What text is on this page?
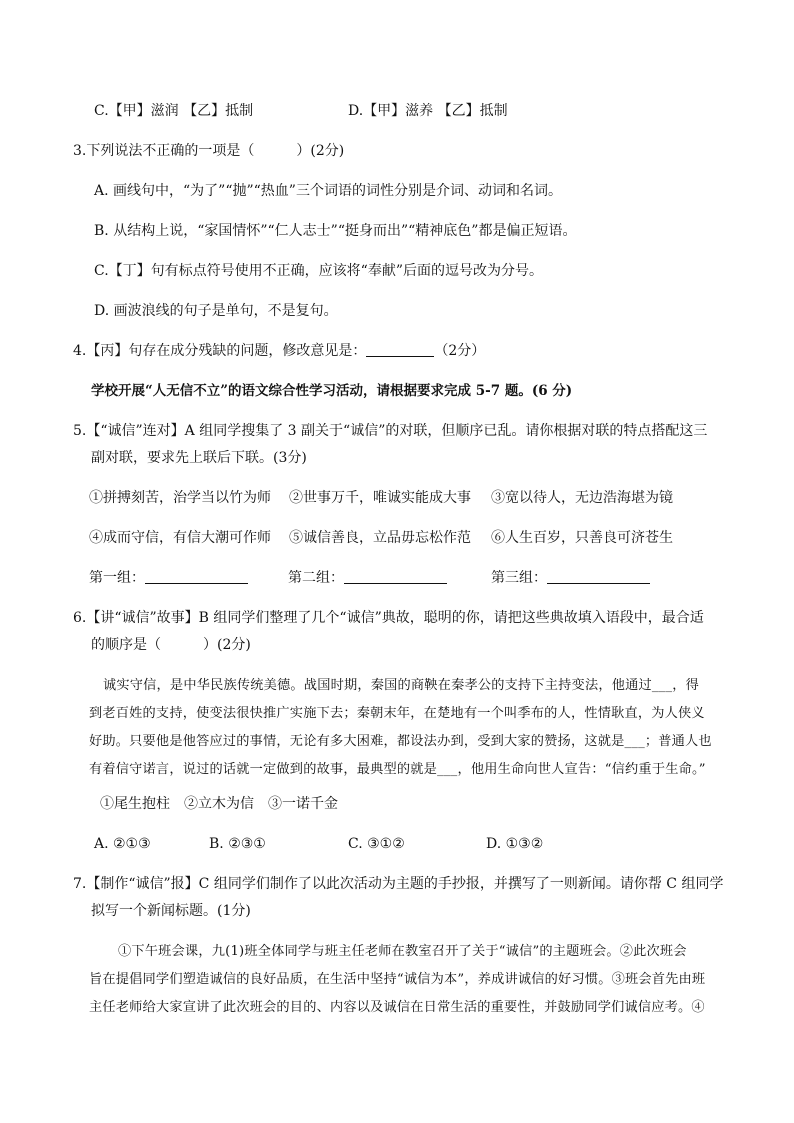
C.【甲】滋润 【乙】抵制	D.【甲】滋养 【乙】抵制
3.下列说法不正确的一项是（　　　）(2分)
A. 画线句中，“为了”“抛”“热血”三个词语的词性分别是介词、动词和名词。
B. 从结构上说，“家国情怀”“仁人志士”“挺身而出”“精神底色”都是偏正短语。
C.【丁】句有标点符号使用不正确，应该将“奉献”后面的逗号改为分号。
D. 画波浪线的句子是单句，不是复句。
4.【丙】句存在成分残缺的问题，修改意见是：	（2分）
学校开展“人无信不立”的语文综合性学习活动，请根据要求完成 5-7 题。(6 分)
5.【“诚信”连对】A 组同学搜集了 3 副关于“诚信”的对联，但顺序已乱。请你根据对联的特点搭配这三
副对联，要求先上联后下联。(3分)
①拼搏刻苦，治学当以竹为师 ②世事万千，唯诚实能成大事 ③宽以待人，无边浩海堪为镜
④成而守信，有信大潮可作师 ⑤诚信善良，立品毋忘松作范 ⑥人生百岁，只善良可济苍生
第一组：	第二组：	第三组：
6.【讲“诚信”故事】B 组同学们整理了几个“诚信”典故，聪明的你，请把这些典故填入语段中，最合适
的顺序是（　　　）(2分)
诚实守信，是中华民族传统美德。战国时期，秦国的商鞅在秦孝公的支持下主持变法，他通过___，得
到老百姓的支持，使变法很快推广实施下去；秦朝末年，在楚地有一个叫季布的人，性情耿直，为人侠义
好助。只要他是他答应过的事情，无论有多大困难，都设法办到，受到大家的赞扬，这就是___；普通人也
有着信守诺言，说过的话就一定做到的故事，最典型的就是___，他用生命向世人宣告：“信约重于生命。”
①尾生抱柱　②立木为信　③一诺千金
A. ②①③	B. ②③①	C. ③①②	D. ①③②
7.【制作“诚信”报】C 组同学们制作了以此次活动为主题的手抄报，并撰写了一则新闻。请你帮 C 组同学
拟写一个新闻标题。(1分)
①下午班会课，九(1)班全体同学与班主任老师在教室召开了关于“诚信”的主题班会。②此次班会
旨在提倡同学们塑造诚信的良好品质，在生活中坚持“诚信为本”，养成讲诚信的好习惯。③班会首先由班
主任老师给大家宣讲了此次班会的目的、内容以及诚信在日常生活的重要性，并鼓励同学们诚信应考。④
